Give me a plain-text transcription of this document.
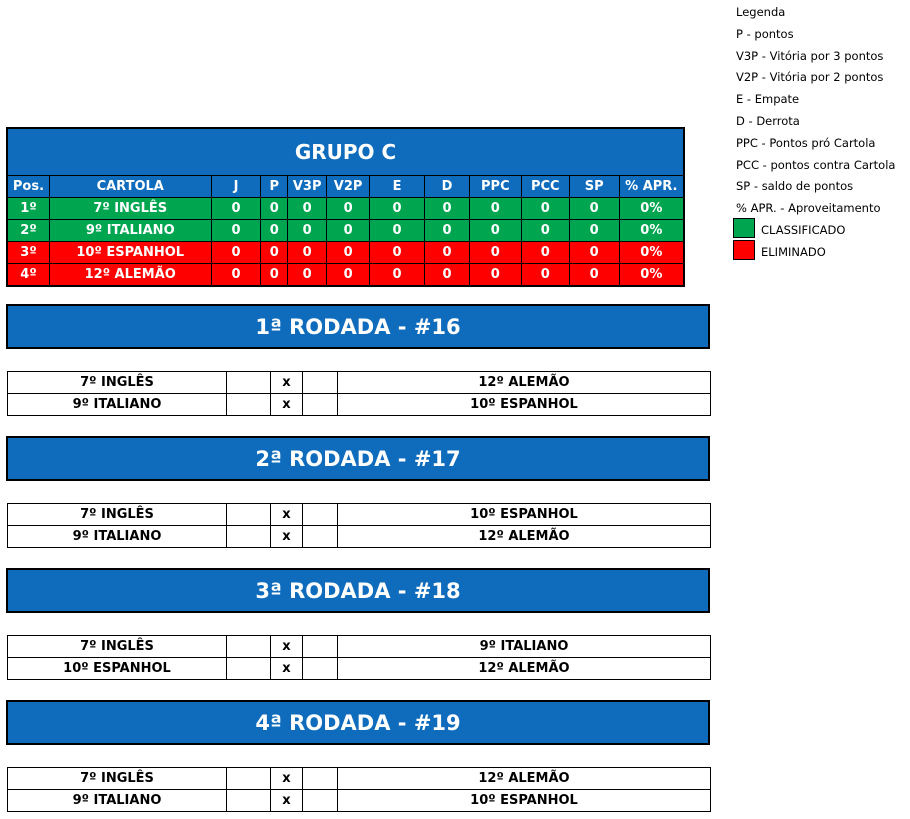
GRUPO C
Pos.	CARTOLA	J	P	V3P	V2P	E	D	PPC	PCC	SP	% APR.
1º	7º INGLÊS	0	0	0	0	0	0	0	0	0	0%
2º	9º ITALIANO	0	0	0	0	0	0	0	0	0	0%
3º	10º ESPANHOL	0	0	0	0	0	0	0	0	0	0%
4º	12º ALEMÃO	0	0	0	0	0	0	0	0	0	0%
Legenda
P - pontos
V3P - Vitória por 3 pontos
V2P - Vitória por 2 pontos
E - Empate
D - Derrota
PPC - Pontos pró Cartola
PCC - pontos contra Cartola
SP - saldo de pontos
% APR. - Aproveitamento
CLASSIFICADO
ELIMINADO
1ª RODADA - #16
7º INGLÊS		x		12º ALEMÃO
9º ITALIANO		x		10º ESPANHOL
2ª RODADA - #17
7º INGLÊS		x		10º ESPANHOL
9º ITALIANO		x		12º ALEMÃO
3ª RODADA - #18
7º INGLÊS		x		9º ITALIANO
10º ESPANHOL		x		12º ALEMÃO
4ª RODADA - #19
7º INGLÊS		x		12º ALEMÃO
9º ITALIANO		x		10º ESPANHOL
